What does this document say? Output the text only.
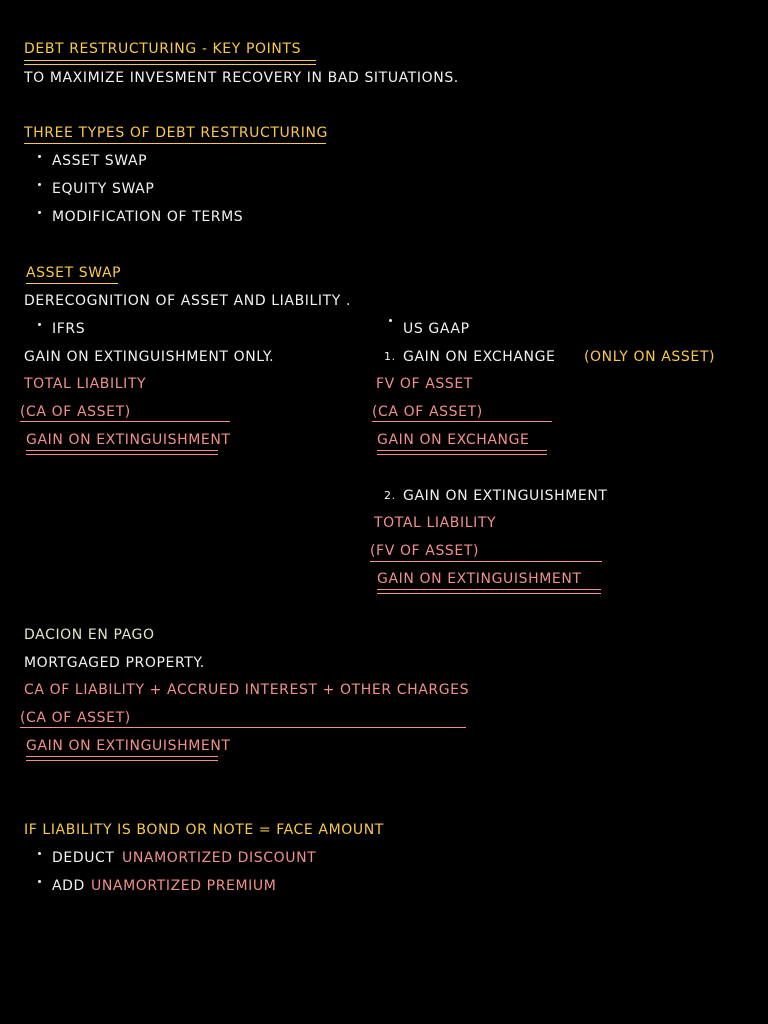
DEBT RESTRUCTURING - KEY POINTS
TO MAXIMIZE INVESMENT RECOVERY IN BAD SITUATIONS.
THREE TYPES OF DEBT RESTRUCTURING
ASSET SWAP
EQUITY SWAP
MODIFICATION OF TERMS
ASSET SWAP
DERECOGNITION OF ASSET AND LIABILITY .
IFRS
GAIN ON EXTINGUISHMENT ONLY.
TOTAL LIABILITY
(CA OF ASSET)
GAIN ON EXTINGUISHMENT
US GAAP
1. GAIN ON EXCHANGE (ONLY ON ASSET)
FV OF ASSET
(CA OF ASSET)
GAIN ON EXCHANGE
2. GAIN ON EXTINGUISHMENT
TOTAL LIABILITY
(FV OF ASSET)
GAIN ON EXTINGUISHMENT
DACION EN PAGO
MORTGAGED PROPERTY.
CA OF LIABILITY + ACCRUED INTEREST + OTHER CHARGES
(CA OF ASSET)
GAIN ON EXTINGUISHMENT
IF LIABILITY IS BOND OR NOTE = FACE AMOUNT
DEDUCT UNAMORTIZED DISCOUNT
ADD UNAMORTIZED PREMIUM
